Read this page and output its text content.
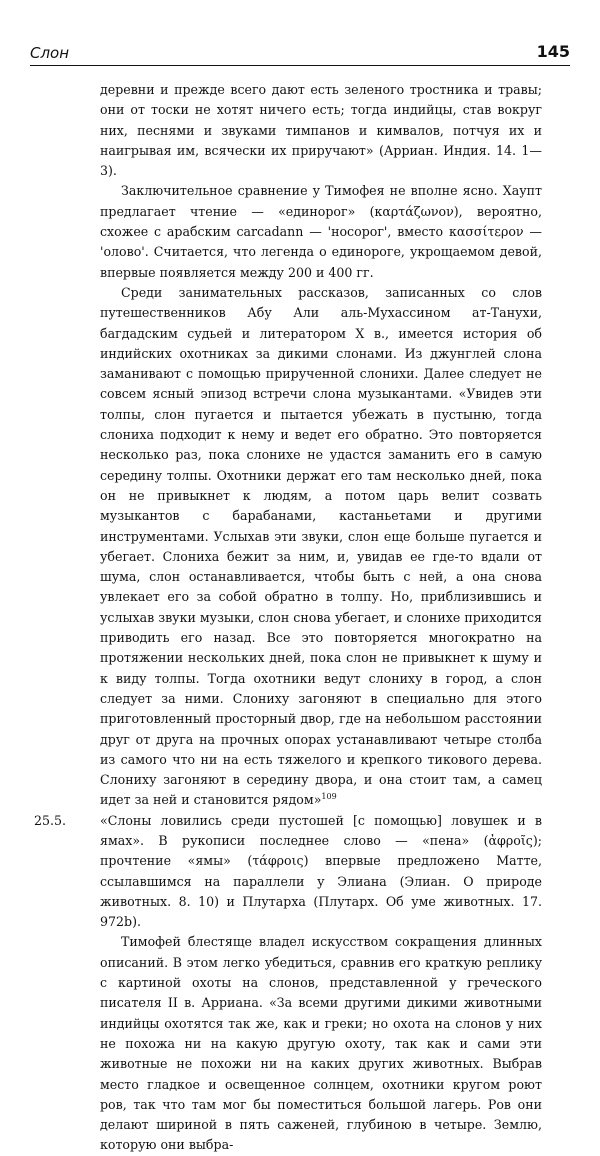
Слон	145

деревни и прежде всего дают есть зеленого тростника и травы; они от тоски не хотят ничего есть; тогда индийцы, став вокруг них, песнями и звуками тимпанов и кимвалов, потчуя их и наигрывая им, всячески их приручают» (Арриан. Индия. 14. 1—3).

Заключительное сравнение у Тимофея не вполне ясно. Хаупт предлагает чтение — «единорог» (καρτάζωνον), вероятно, схожее с арабским carcadann — 'носорог', вместо κασσίτερον — 'олово'. Считается, что легенда о единороге, укрощаемом девой, впервые появляется между 200 и 400 гг.

Среди занимательных рассказов, записанных со слов путешественников Абу Али аль-Мухассином ат-Танухи, багдадским судьей и литератором X в., имеется история об индийских охотниках за дикими слонами. Из джунглей слона заманивают с помощью прирученной слонихи. Далее следует не совсем ясный эпизод встречи слона музыкантами. «Увидев эти толпы, слон пугается и пытается убежать в пустыню, тогда слониха подходит к нему и ведет его обратно. Это повторяется несколько раз, пока слонихе не удастся заманить его в самую середину толпы. Охотники держат его там несколько дней, пока он не привыкнет к людям, а потом царь велит созвать музыкантов с барабанами, кастаньетами и другими инструментами. Услыхав эти звуки, слон еще больше пугается и убегает. Слониха бежит за ним, и, увидав ее где-то вдали от шума, слон останавливается, чтобы быть с ней, а она снова увлекает его за собой обратно в толпу. Но, приблизившись и услыхав звуки музыки, слон снова убегает, и слонихе приходится приводить его назад. Все это повторяется многократно на протяжении нескольких дней, пока слон не привыкнет к шуму и к виду толпы. Тогда охотники ведут слониху в город, а слон следует за ними. Слониху загоняют в специально для этого приготовленный просторный двор, где на небольшом расстоянии друг от друга на прочных опорах устанавливают четыре столба из самого что ни на есть тяжелого и крепкого тикового дерева. Слониху загоняют в середину двора, и она стоит там, а самец идет за ней и становится рядом»$^{109}$

25.5.	«Слоны ловились среди пустошей [с помощью] ловушек и в ямах». В рукописи последнее слово — «пена» (ἀφροῖς); прочтение «ямы» (τάφροις) впервые предложено Матте, ссылавшимся на параллели у Элиана (Элиан. О природе животных. 8. 10) и Плутарха (Плутарх. Об уме животных. 17. 972b).

Тимофей блестяще владел искусством сокращения длинных описаний. В этом легко убедиться, сравнив его краткую реплику с картиной охоты на слонов, представленной у греческого писателя II в. Арриана. «За всеми другими дикими животными индийцы охотятся так же, как и греки; но охота на слонов у них не похожа ни на какую другую охоту, так как и сами эти животные не похожи ни на каких других животных. Выбрав место гладкое и освещенное солнцем, охотники кругом роют ров, так что там мог бы поместиться большой лагерь. Ров они делают шириной в пять саженей, глубиною в четыре. Землю, которую они выбра-
